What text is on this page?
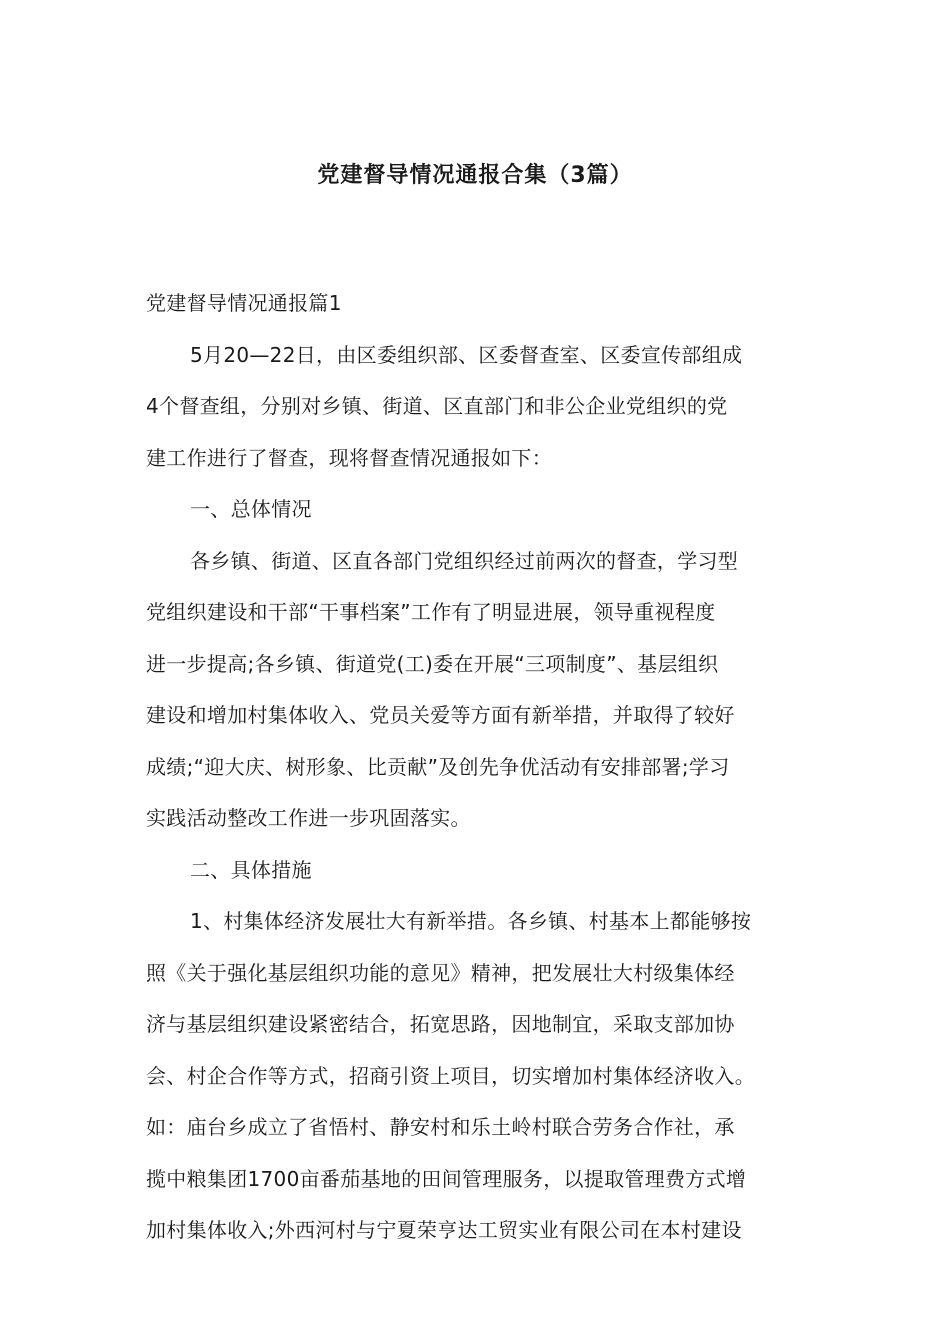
党建督导情况通报合集（3篇）
党建督导情况通报篇1
5月20—22日，由区委组织部、区委督查室、区委宣传部组成
4个督查组，分别对乡镇、街道、区直部门和非公企业党组织的党
建工作进行了督查，现将督查情况通报如下：
一、总体情况
各乡镇、街道、区直各部门党组织经过前两次的督查，学习型
党组织建设和干部“干事档案”工作有了明显进展，领导重视程度
进一步提高;各乡镇、街道党(工)委在开展“三项制度”、基层组织
建设和增加村集体收入、党员关爱等方面有新举措，并取得了较好
成绩;“迎大庆、树形象、比贡献”及创先争优活动有安排部署;学习
实践活动整改工作进一步巩固落实。
二、具体措施
1、村集体经济发展壮大有新举措。各乡镇、村基本上都能够按
照《关于强化基层组织功能的意见》精神，把发展壮大村级集体经
济与基层组织建设紧密结合，拓宽思路，因地制宜，采取支部加协
会、村企合作等方式，招商引资上项目，切实增加村集体经济收入。
如：庙台乡成立了省悟村、静安村和乐土岭村联合劳务合作社，承
揽中粮集团1700亩番茄基地的田间管理服务，以提取管理费方式增
加村集体收入;外西河村与宁夏荣亨达工贸实业有限公司在本村建设
